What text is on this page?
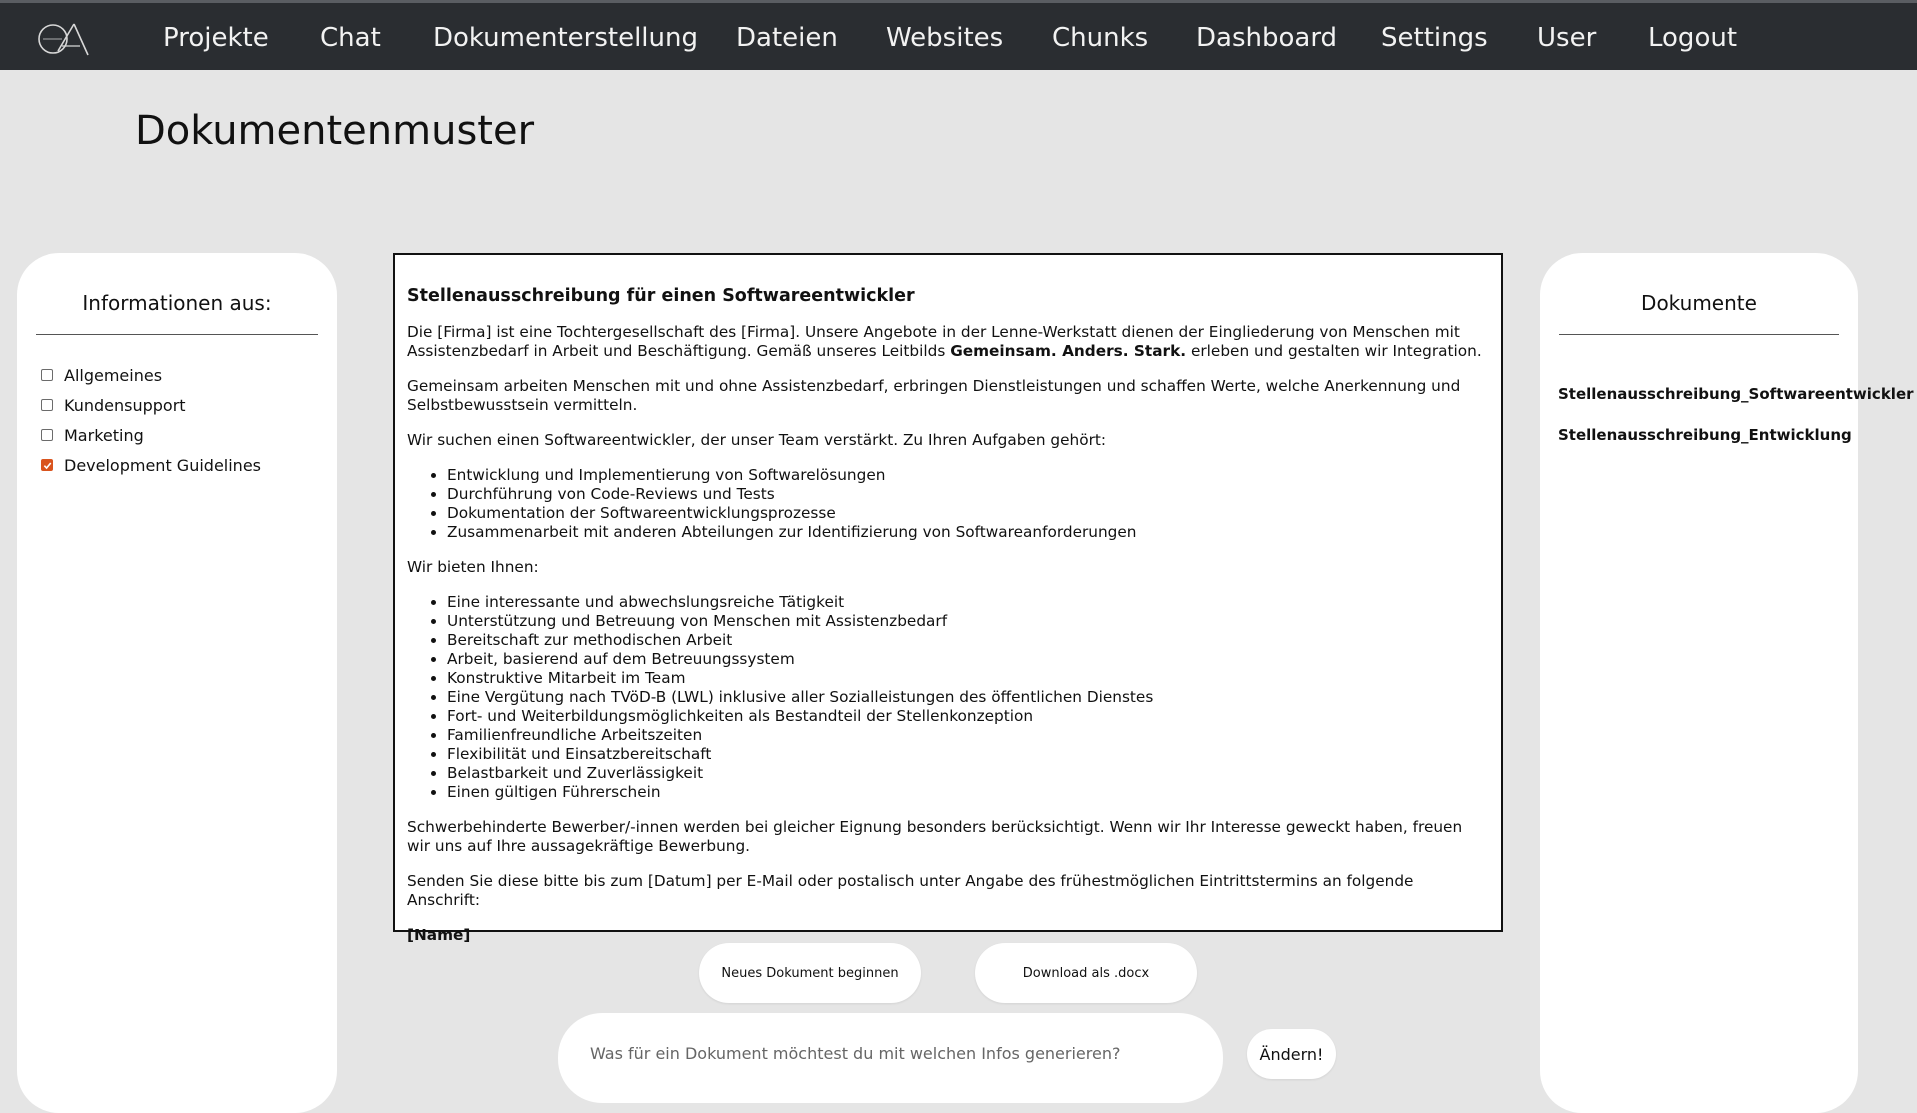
Projekte Chat Dokumenterstellung Dateien Websites Chunks Dashboard Settings User Logout
Dokumentenmuster
Informationen aus:
Allgemeines
Kundensupport
Marketing
Development Guidelines
Stellenausschreibung für einen Softwareentwickler

Die [Firma] ist eine Tochtergesellschaft des [Firma]. Unsere Angebote in der Lenne-Werkstatt dienen der Eingliederung von Menschen mit Assistenzbedarf in Arbeit und Beschäftigung. Gemäß unseres Leitbilds Gemeinsam. Anders. Stark. erleben und gestalten wir Integration.

Gemeinsam arbeiten Menschen mit und ohne Assistenzbedarf, erbringen Dienstleistungen und schaffen Werte, welche Anerkennung und Selbstbewusstsein vermitteln.

Wir suchen einen Softwareentwickler, der unser Team verstärkt. Zu Ihren Aufgaben gehört:

• Entwicklung und Implementierung von Softwarelösungen
• Durchführung von Code-Reviews und Tests
• Dokumentation der Softwareentwicklungsprozesse
• Zusammenarbeit mit anderen Abteilungen zur Identifizierung von Softwareanforderungen

Wir bieten Ihnen:

• Eine interessante und abwechslungsreiche Tätigkeit
• Unterstützung und Betreuung von Menschen mit Assistenzbedarf
• Bereitschaft zur methodischen Arbeit
• Arbeit, basierend auf dem Betreuungssystem
• Konstruktive Mitarbeit im Team
• Eine Vergütung nach TVöD-B (LWL) inklusive aller Sozialleistungen des öffentlichen Dienstes
• Fort- und Weiterbildungsmöglichkeiten als Bestandteil der Stellenkonzeption
• Familienfreundliche Arbeitszeiten
• Flexibilität und Einsatzbereitschaft
• Belastbarkeit und Zuverlässigkeit
• Einen gültigen Führerschein

Schwerbehinderte Bewerber/-innen werden bei gleicher Eignung besonders berücksichtigt. Wenn wir Ihr Interesse geweckt haben, freuen wir uns auf Ihre aussagekräftige Bewerbung.

Senden Sie diese bitte bis zum [Datum] per E-Mail oder postalisch unter Angabe des frühestmöglichen Eintrittstermins an folgende Anschrift:

[Name]

Neues Dokument beginnen	Download als .docx
Was für ein Dokument möchtest du mit welchen Infos generieren?
Ändern!
Dokumente
Stellenausschreibung_Softwareentwickler
Stellenausschreibung_Entwicklung
